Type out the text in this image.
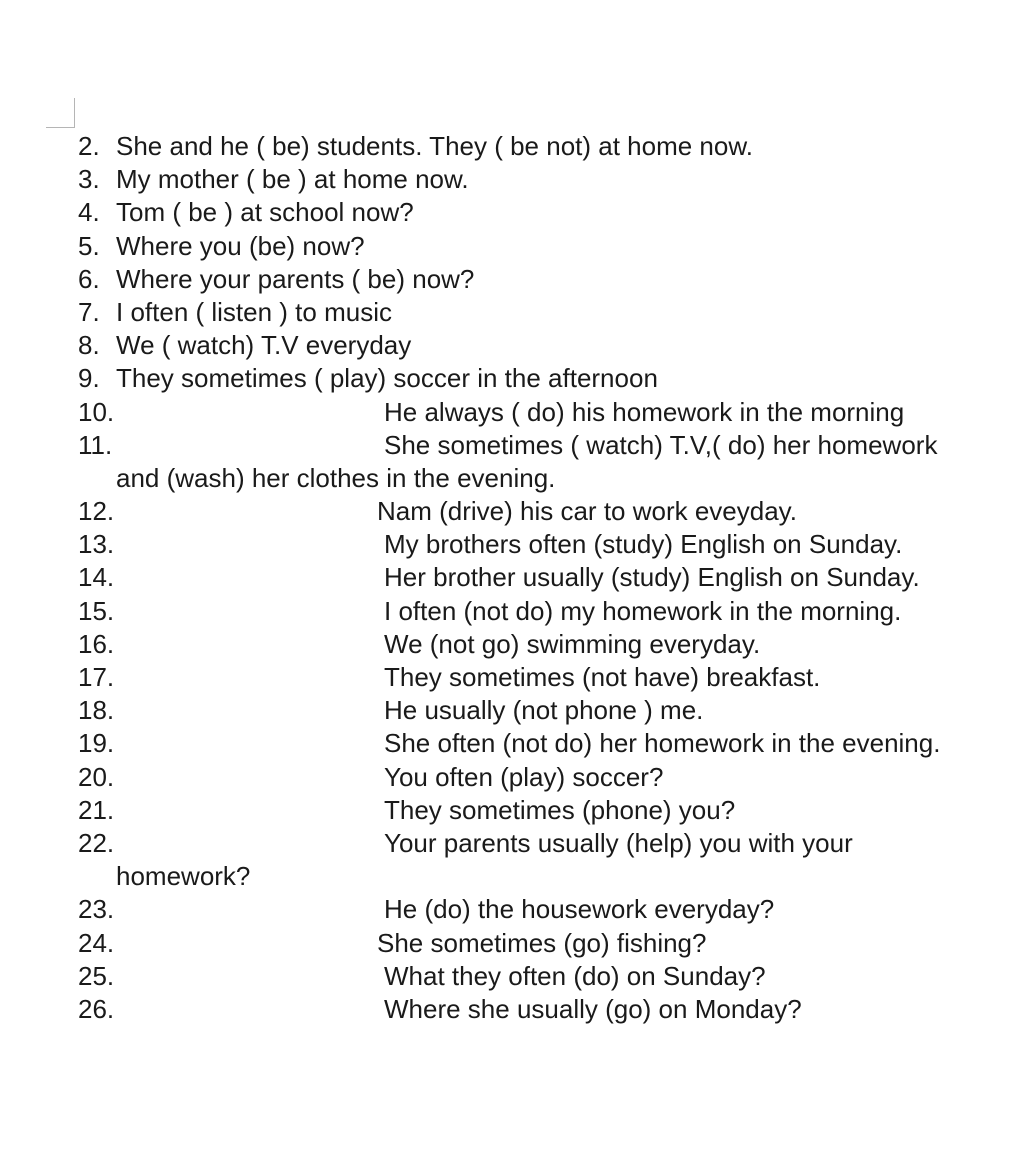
2. She and he ( be) students. They ( be not) at home now.
3. My mother ( be ) at home now.
4. Tom ( be ) at school now?
5. Where you (be) now?
6. Where your parents ( be) now?
7. I often ( listen ) to music
8. We ( watch) T.V everyday
9. They sometimes ( play) soccer in the afternoon
10.	He always ( do) his homework in the morning
11.	She sometimes ( watch) T.V,( do) her homework
and (wash) her clothes in the evening.
12.	Nam (drive) his car to work eveyday.
13.	My brothers often (study) English on Sunday.
14.	Her brother usually (study) English on Sunday.
15.	I often (not do) my homework in the morning.
16.	We (not go) swimming everyday.
17.	They sometimes (not have) breakfast.
18.	He usually (not phone ) me.
19.	She often (not do) her homework in the evening.
20.	You often (play) soccer?
21.	They sometimes (phone) you?
22.	Your parents usually (help) you with your
homework?
23.	He (do) the housework everyday?
24.	She sometimes (go) fishing?
25.	What they often (do) on Sunday?
26.	Where she usually (go) on Monday?
